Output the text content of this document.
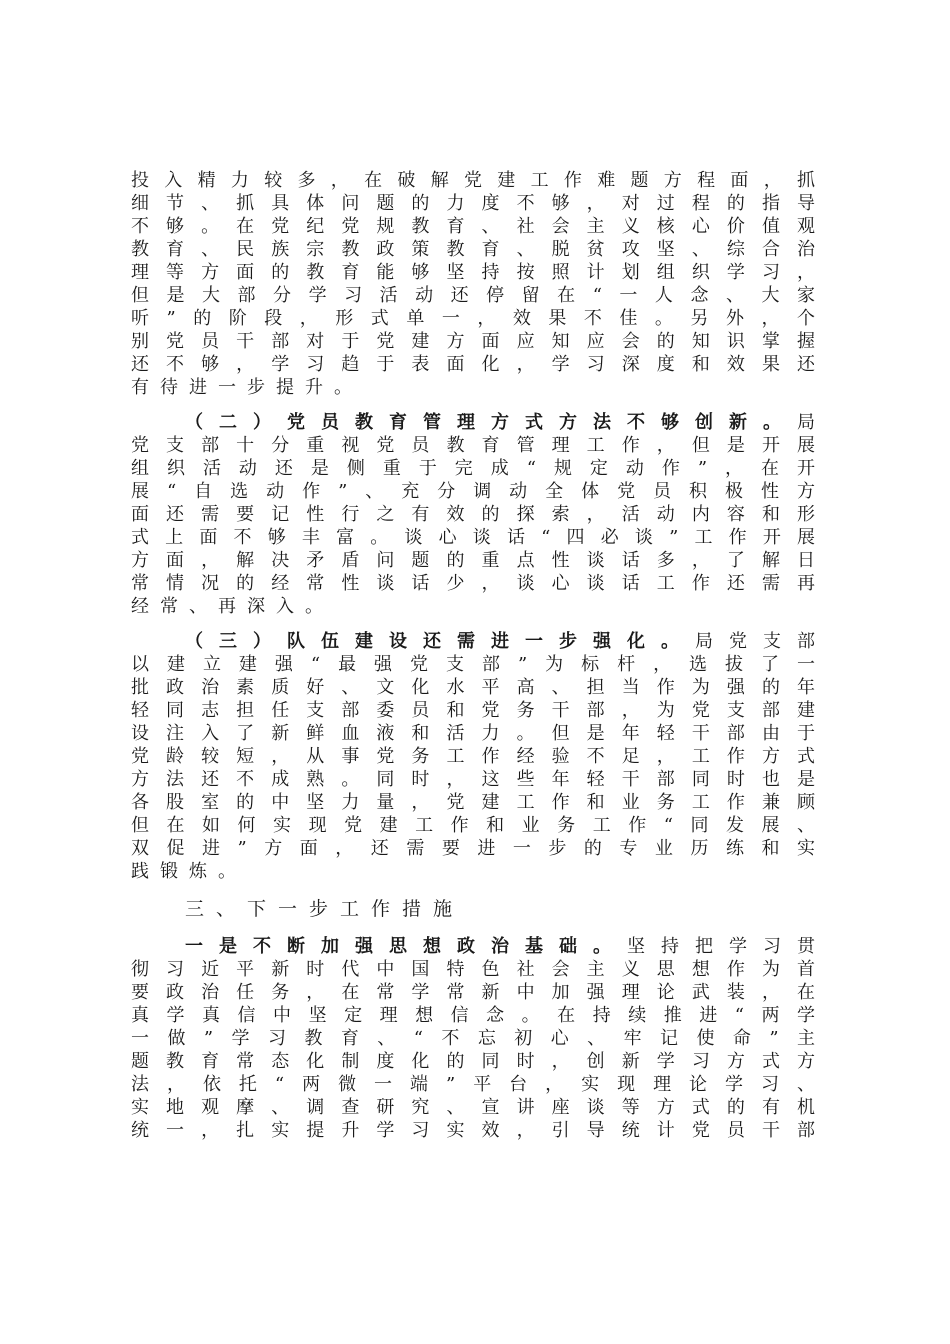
投入精力较多，在破解党建工作难题方程面，抓
细节、抓具体问题的力度不够，对过程的指导
不够。在党纪党规教育、社会主义核心价值观
教育、民族宗教政策教育、脱贫攻坚、综合治
理等方面的教育能够坚持按照计划组织学习，
但是大部分学习活动还停留在“一人念、大家
听”的阶段，形式单一，效果不佳。另外，个
别党员干部对于党建方面应知应会的知识掌握
还不够，学习趋于表面化，学习深度和效果还
有待进一步提升。
（二）党员教育管理方式方法不够创新。局
党支部十分重视党员教育管理工作，但是开展
组织活动还是侧重于完成“规定动作”，在开
展“自选动作”、充分调动全体党员积极性方
面还需要记性行之有效的探索，活动内容和形
式上面不够丰富。谈心谈话“四必谈”工作开展
方面，解决矛盾问题的重点性谈话多，了解日
常情况的经常性谈话少，谈心谈话工作还需再
经常、再深入。
（三）队伍建设还需进一步强化。局党支部
以建立建强“最强党支部”为标杆，选拔了一
批政治素质好、文化水平高、担当作为强的年
轻同志担任支部委员和党务干部，为党支部建
设注入了新鲜血液和活力。但是年轻干部由于
党龄较短，从事党务工作经验不足，工作方式
方法还不成熟。同时，这些年轻干部同时也是
各股室的中坚力量，党建工作和业务工作兼顾
但在如何实现党建工作和业务工作“同发展、
双促进”方面，还需要进一步的专业历练和实
践锻炼。
三、下一步工作措施
一是不断加强思想政治基础。坚持把学习贯
彻习近平新时代中国特色社会主义思想作为首
要政治任务，在常学常新中加强理论武装，在
真学真信中坚定理想信念。在持续推进“两学
一做”学习教育、“不忘初心、牢记使命”主
题教育常态化制度化的同时，创新学习方式方
法，依托“两微一端”平台，实现理论学习、
实地观摩、调查研究、宣讲座谈等方式的有机
统一，扎实提升学习实效，引导统计党员干部
